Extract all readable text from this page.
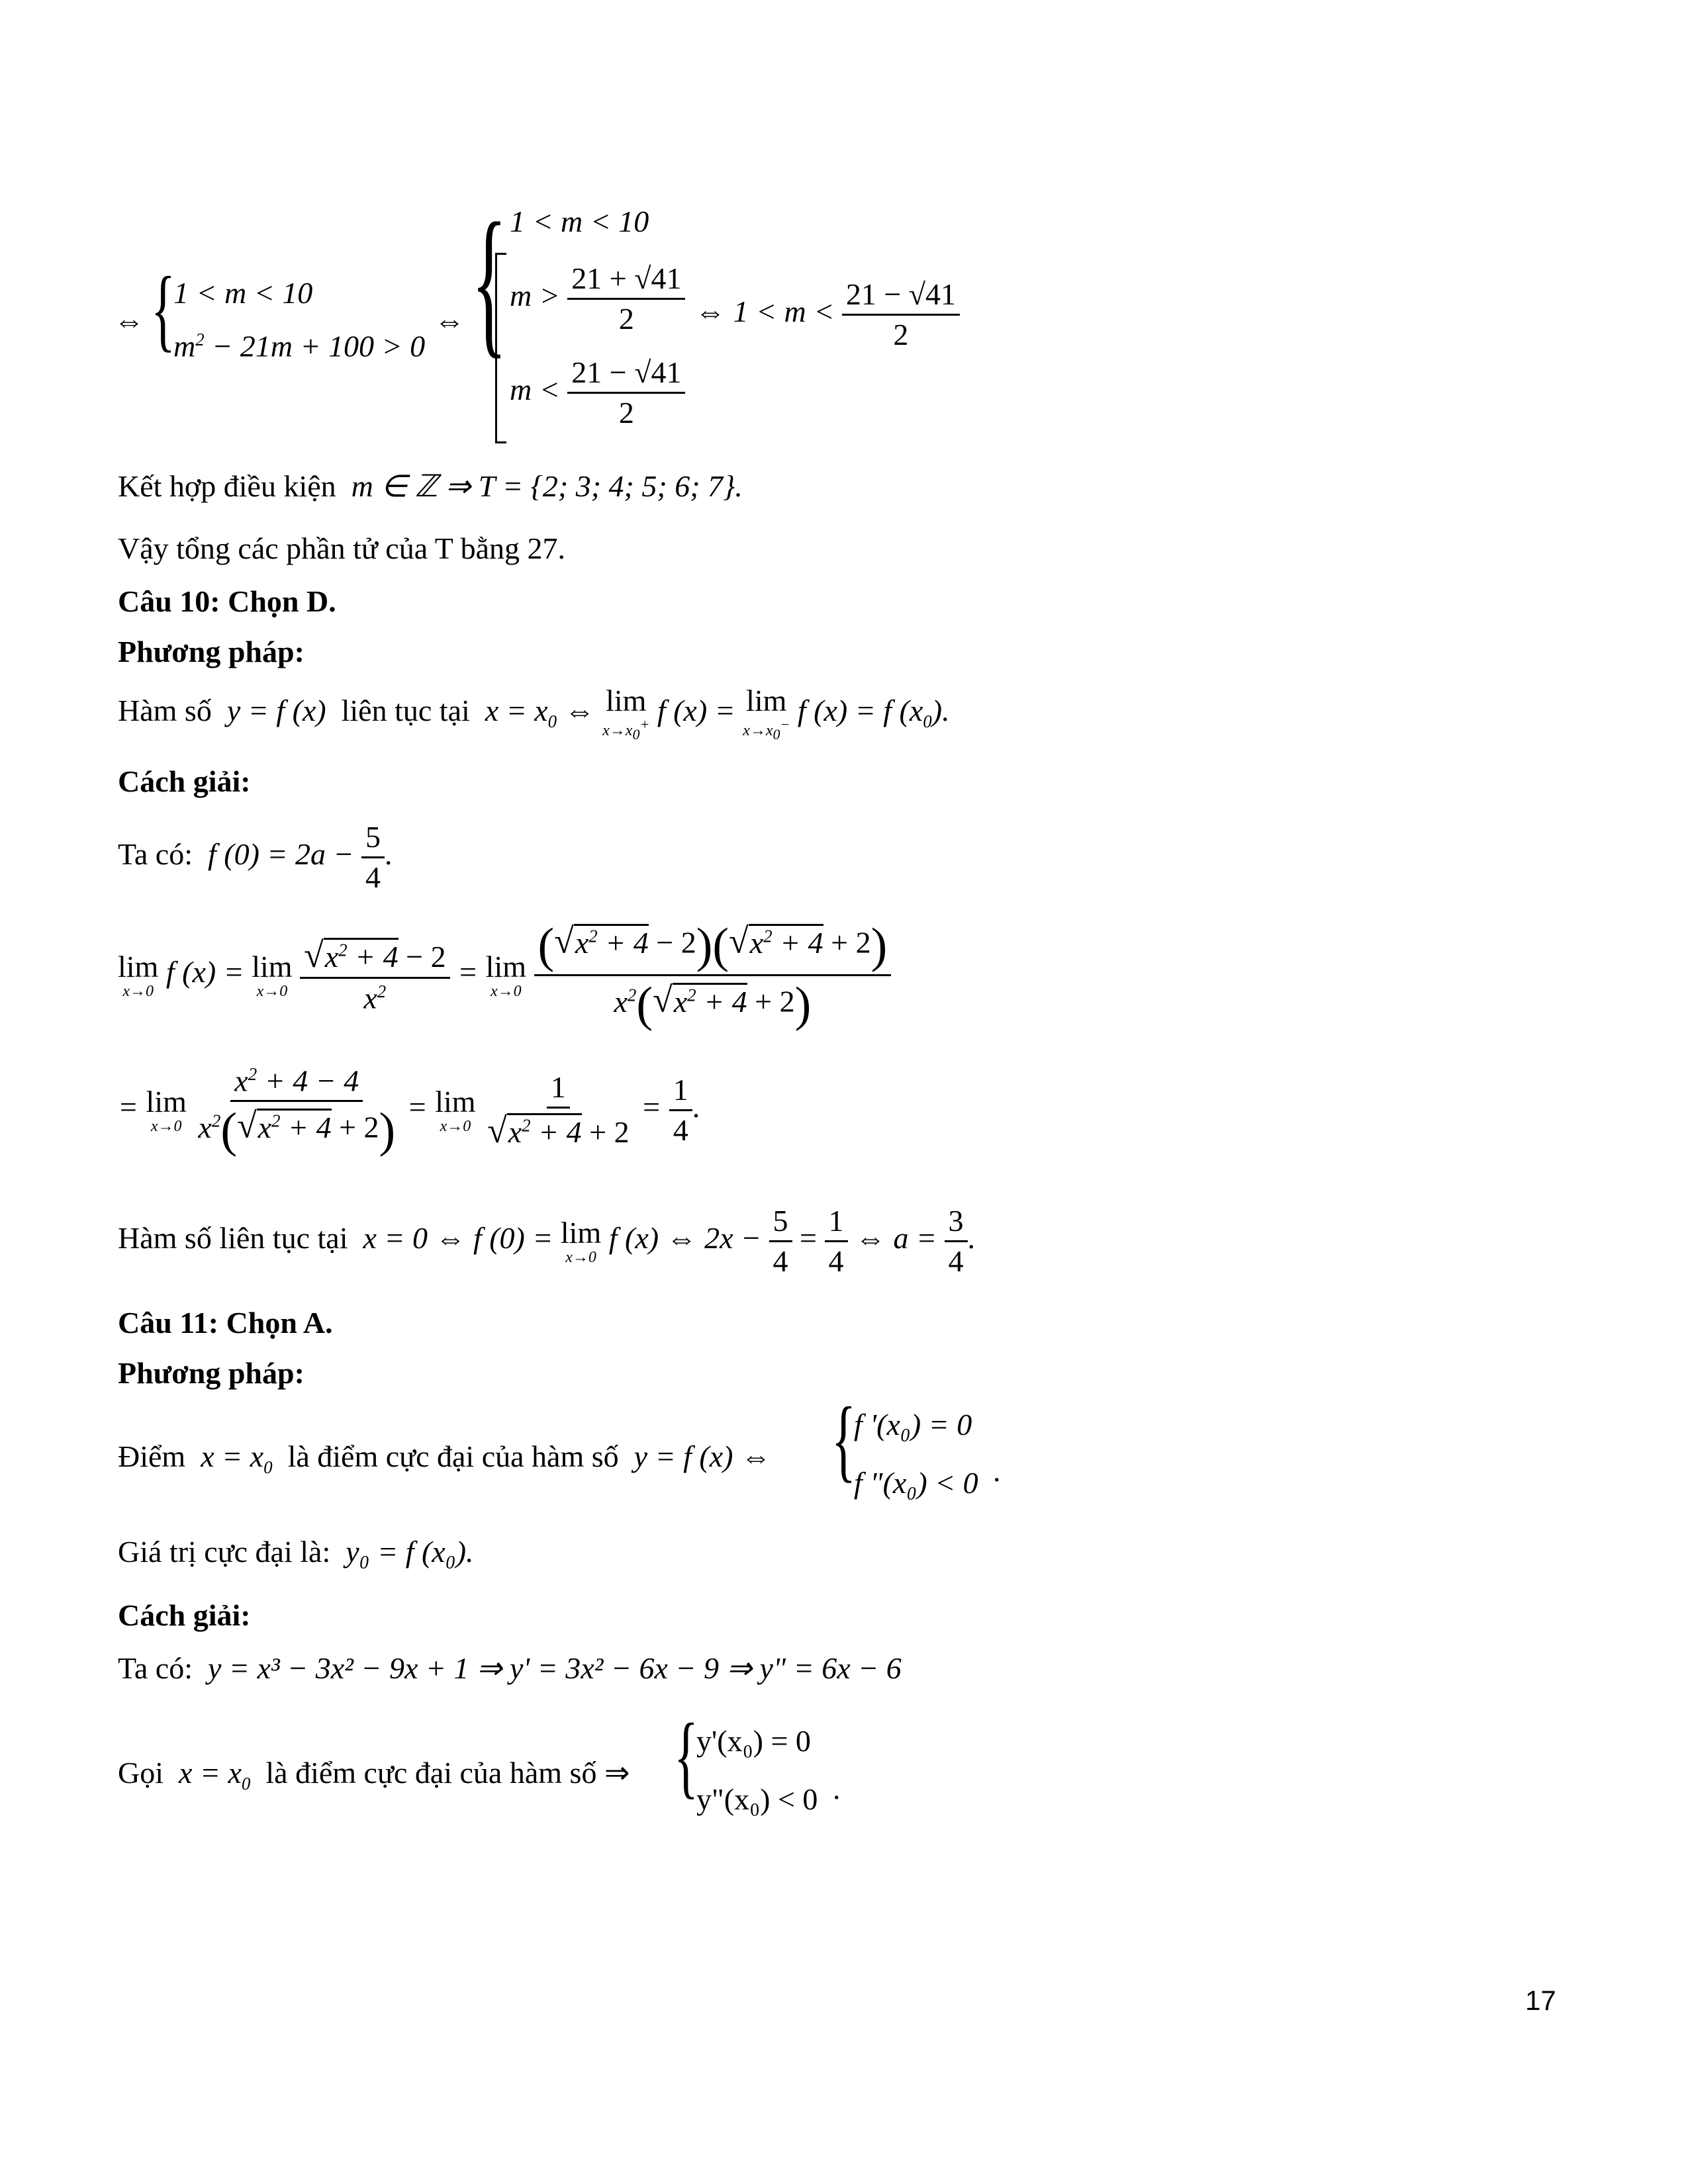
⇔ {
1 < m < 10
$m^2 - 21m + 100 > 0$
⇔ { 1 < m < 10
$m > \frac{21 + √41}{2}$
$m < \frac{21 - √41}{2}$
⇔ $1 < m < \frac{21 - √41}{2}$
Kết hợp điều kiện m ∈ ℤ ⇒ T = {2; 3; 4; 5; 6; 7}.
Vậy tổng các phần tử của T bằng 27.
Câu 10: Chọn D.
Phương pháp:
Hàm số y = f (x) liên tục tại $x = x_0$ ⇔ lim
$x\to x_0^+$ f (x) = lim
$x\to x_0^-$ f (x) = f $(x_0)$.
Cách giải:
Ta có: f $(0) = 2a - \frac{5}{4}$ .
lim
x→0
f (x) = lim
x→0
$\frac{√x^2 + 4 - 2}{x^2} = \lim$
x→0
$\frac{(√x^2 + 4 - 2)(√x^2 + 4 + 2)}{x^2(√x^2 + 4 + 2)}$
= lim
x→0
$\frac{x^2 + 4 - 4}{x^2(√x^2 + 4 + 2)} = \lim$
x→0
$\frac{1}{√x^2 + 4 + 2} = \frac{1}{4}$ .
Hàm số liên tục tại x = 0 ⇔ f (0) = lim
x→0
f (x) ⇔ $2x - \frac{5}{4} = \frac{1}{4}$ ⇔ $a = \frac{3}{4}$ .
Câu 11: Chọn A.
Phương pháp:
Điểm $x = x_0$ là điểm cực đại của hàm số y = f (x) ⇔ {
f '(x₀) = 0
f "(x₀) < 0 .
Giá trị cực đại là: y₀ = f (x₀).
Cách giải:
Ta có: y = x³ − 3x² − 9x + 1 ⇒ y' = 3x² − 6x − 9 ⇒ y" = 6x − 6
Gọi $x = x_0$ là điểm cực đại của hàm số ⇒ {
y'(x₀) = 0
y"(x₀) < 0 .
17
